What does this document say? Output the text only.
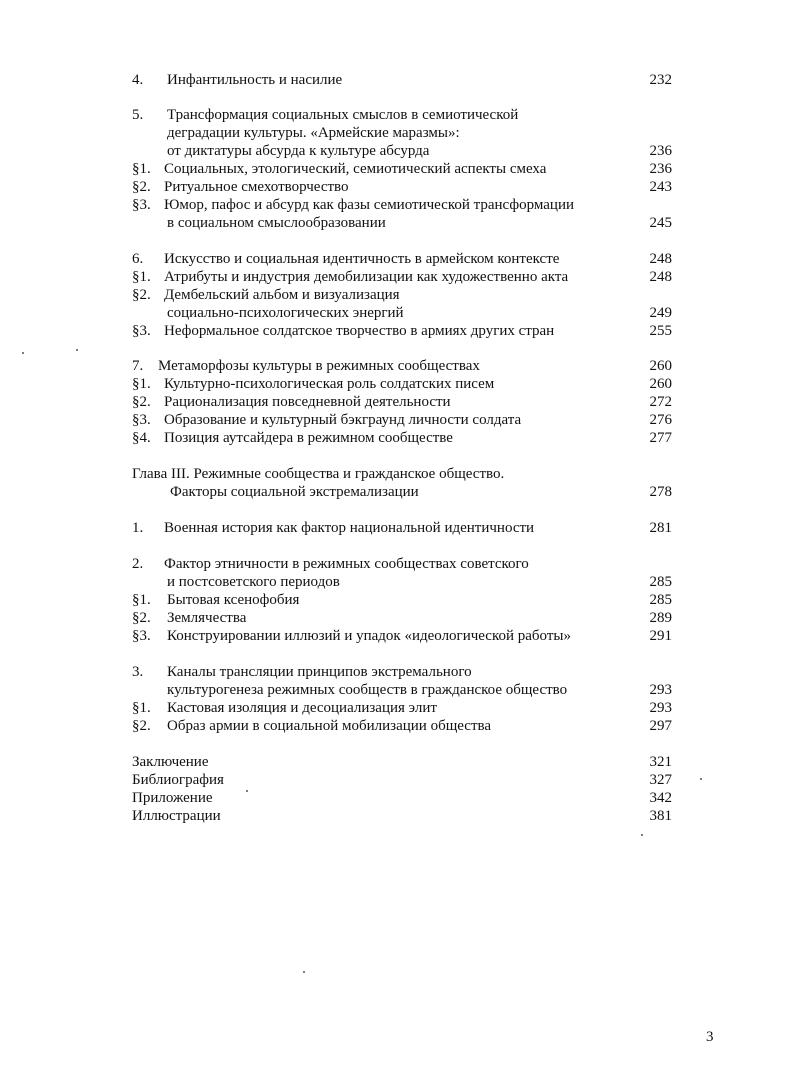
4. Инфантильность и насилие	232
5. Трансформация социальных смыслов в семиотической
деградации культуры. «Армейские маразмы»:
от диктатуры абсурда к культуре абсурда	236
§1. Социальных, этологический, семиотический аспекты смеха	236
§2. Ритуальное смехотворчество	243
§3. Юмор, пафос и абсурд как фазы семиотической трансформации
в социальном смыслообразовании	245
6. Искусство и социальная идентичность в армейском контексте	248
§1. Атрибуты и индустрия демобилизации как художественно акта	248
§2. Дембельский альбом и визуализация
социально-психологических энергий	249
§3. Неформальное солдатское творчество в армиях других стран	255
7. Метаморфозы культуры в режимных сообществах	260
§1. Культурно-психологическая роль солдатских писем	260
§2. Рационализация повседневной деятельности	272
§3. Образование и культурный бэкграунд личности солдата	276
§4. Позиция аутсайдера в режимном сообществе	277
Глава III. Режимные сообщества и гражданское общество.
Факторы социальной экстремализации	278
1. Военная история как фактор национальной идентичности	281
2. Фактор этничности в режимных сообществах советского
и постсоветского периодов	285
§1. Бытовая ксенофобия	285
§2. Землячества	289
§3. Конструировании иллюзий и упадок «идеологической работы»	291
3. Каналы трансляции принципов экстремального
культурогенеза режимных сообществ в гражданское общество	293
§1. Кастовая изоляция и десоциализация элит	293
§2. Образ армии в социальной мобилизации общества	297
Заключение	321
Библиография	327
Приложение	342
Иллюстрации	381
3
